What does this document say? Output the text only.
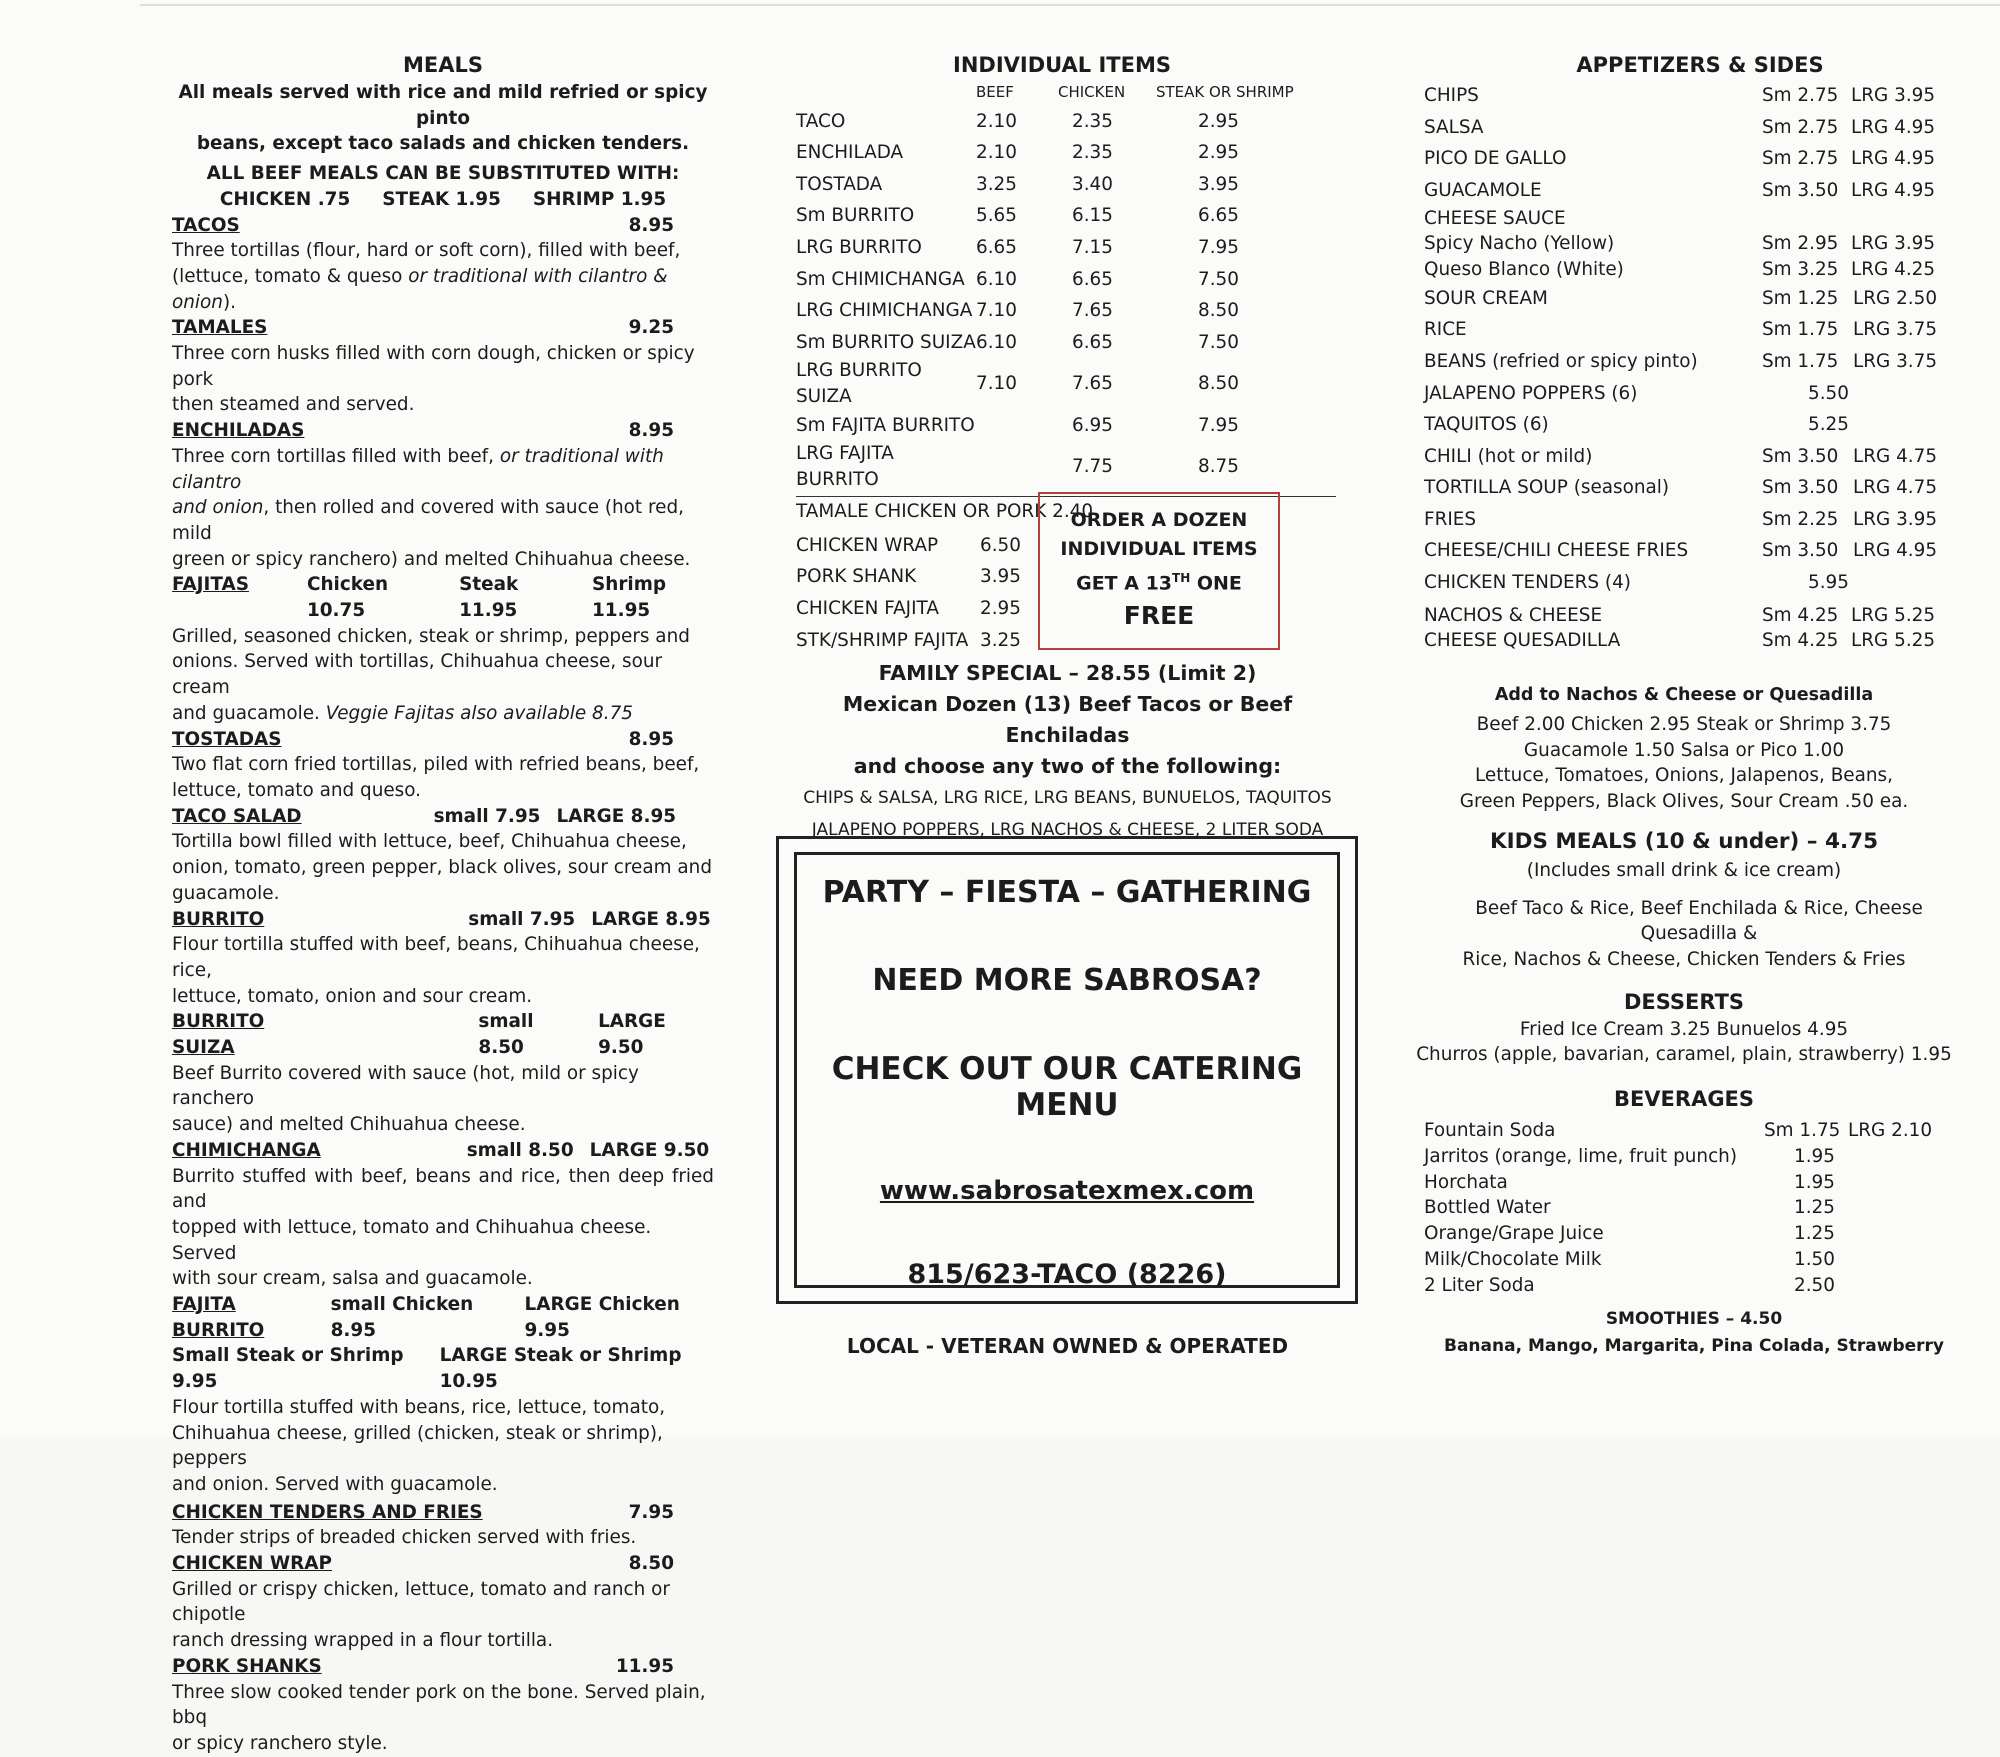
MEALS
All meals served with rice and mild refried or spicy pinto
beans, except taco salads and chicken tenders.
ALL BEEF MEALS CAN BE SUBSTITUTED WITH:
CHICKEN .75     STEAK 1.95     SHRIMP 1.95
TACOS	8.95
Three tortillas (flour, hard or soft corn), filled with beef,
(lettuce, tomato & queso or traditional with cilantro & onion).
TAMALES	9.25
Three corn husks filled with corn dough, chicken or spicy pork
then steamed and served.
ENCHILADAS	8.95
Three corn tortillas filled with beef, or traditional with cilantro
and onion, then rolled and covered with sauce (hot red, mild
green or spicy ranchero) and melted Chihuahua cheese.
FAJITAS	Chicken 10.75
Steak 11.95
Shrimp 11.95
Grilled, seasoned chicken, steak or shrimp, peppers and
onions. Served with tortillas, Chihuahua cheese, sour cream
and guacamole. Veggie Fajitas also available 8.75
TOSTADAS	8.95
Two flat corn fried tortillas, piled with refried beans, beef,
lettuce, tomato and queso.
TACO SALAD	small 7.95 LARGE 8.95
Tortilla bowl filled with lettuce, beef, Chihuahua cheese,
onion, tomato, green pepper, black olives, sour cream and
guacamole.
BURRITO	small 7.95 LARGE 8.95
Flour tortilla stuffed with beef, beans, Chihuahua cheese, rice,
lettuce, tomato, onion and sour cream.
BURRITO SUIZA
small 8.50
LARGE 9.50
Beef Burrito covered with sauce (hot, mild or spicy ranchero
sauce) and melted Chihuahua cheese.
CHIMICHANGA	small 8.50 LARGE 9.50
Burrito stuffed with beef, beans and rice, then deep fried and
topped with lettuce, tomato and Chihuahua cheese. Served
with sour cream, salsa and guacamole.
FAJITA BURRITO
small Chicken 8.95
LARGE Chicken 9.95
Small Steak or Shrimp 9.95
LARGE Steak or Shrimp 10.95
Flour tortilla stuffed with beans, rice, lettuce, tomato,
Chihuahua cheese, grilled (chicken, steak or shrimp), peppers
and onion. Served with guacamole.
CHICKEN TENDERS AND FRIES	7.95
Tender strips of breaded chicken served with fries.
CHICKEN WRAP	8.50
Grilled or crispy chicken, lettuce, tomato and ranch or chipotle
ranch dressing wrapped in a flour tortilla.
PORK SHANKS	11.95
Three slow cooked tender pork on the bone. Served plain, bbq
or spicy ranchero style.
INDIVIDUAL ITEMS
	BEEF	CHICKEN	STEAK OR SHRIMP
TACO	2.10	2.35	2.95
ENCHILADA	2.10	2.35	2.95
TOSTADA	3.25	3.40	3.95
Sm BURRITO	5.65	6.15	6.65
LRG BURRITO	6.65	7.15	7.95
Sm CHIMICHANGA	6.10	6.65	7.50
LRG CHIMICHANGA	7.10	7.65	8.50
Sm BURRITO SUIZA	6.10	6.65	7.50
LRG BURRITO SUIZA	7.10	7.65	8.50
Sm FAJITA BURRITO		6.95	7.95
LRG FAJITA BURRITO		7.75	8.75
TAMALE CHICKEN OR PORK 2.40
CHICKEN WRAP	6.50
PORK SHANK	3.95
CHICKEN FAJITA	2.95
STK/SHRIMP FAJITA	3.25
ORDER A DOZEN
INDIVIDUAL ITEMS
GET A 13TH ONE
FREE
FAMILY SPECIAL – 28.55 (Limit 2)
Mexican Dozen (13) Beef Tacos or Beef Enchiladas
and choose any two of the following:
CHIPS & SALSA, LRG RICE, LRG BEANS, BUNUELOS, TAQUITOS
JALAPENO POPPERS, LRG NACHOS & CHEESE, 2 LITER SODA
PARTY – FIESTA – GATHERING
NEED MORE SABROSA?
CHECK OUT OUR CATERING MENU
www.sabrosatexmex.com
815/623-TACO (8226)
LOCAL - VETERAN OWNED & OPERATED
APPETIZERS & SIDES
CHIPS	Sm 2.75	LRG 3.95
SALSA	Sm 2.75	LRG 4.95
PICO DE GALLO	Sm 2.75	LRG 4.95
GUACAMOLE	Sm 3.50	LRG 4.95
CHEESE SAUCE
Spicy Nacho (Yellow)	Sm 2.95	LRG 3.95
Queso Blanco (White)	Sm 3.25	LRG 4.25
SOUR CREAM	Sm 1.25	LRG 2.50
RICE	Sm 1.75	LRG 3.75
BEANS (refried or spicy pinto)	Sm 1.75	LRG 3.75
JALAPENO POPPERS (6)	5.50	
TAQUITOS (6)	5.25	
CHILI (hot or mild)	Sm 3.50	LRG 4.75
TORTILLA SOUP (seasonal)	Sm 3.50	LRG 4.75
FRIES	Sm 2.25	LRG 3.95
CHEESE/CHILI CHEESE FRIES	Sm 3.50	LRG 4.95
CHICKEN TENDERS (4)	5.95	
NACHOS & CHEESE	Sm 4.25	LRG 5.25
CHEESE QUESADILLA	Sm 4.25	LRG 5.25
Add to Nachos & Cheese or Quesadilla
Beef 2.00 Chicken 2.95 Steak or Shrimp 3.75
Guacamole 1.50 Salsa or Pico 1.00
Lettuce, Tomatoes, Onions, Jalapenos, Beans,
Green Peppers, Black Olives, Sour Cream .50 ea.
KIDS MEALS (10 & under) – 4.75
(Includes small drink & ice cream)
Beef Taco & Rice, Beef Enchilada & Rice, Cheese Quesadilla &
Rice, Nachos & Cheese, Chicken Tenders & Fries
DESSERTS
Fried Ice Cream 3.25 Bunuelos 4.95
Churros (apple, bavarian, caramel, plain, strawberry) 1.95
BEVERAGES
Fountain Soda	Sm 1.75	LRG 2.10
Jarritos (orange, lime, fruit punch)	1.95	
Horchata	1.95	
Bottled Water	1.25	
Orange/Grape Juice	1.25	
Milk/Chocolate Milk	1.50	
2 Liter Soda	2.50	
SMOOTHIES – 4.50
Banana, Mango, Margarita, Pina Colada, Strawberry
